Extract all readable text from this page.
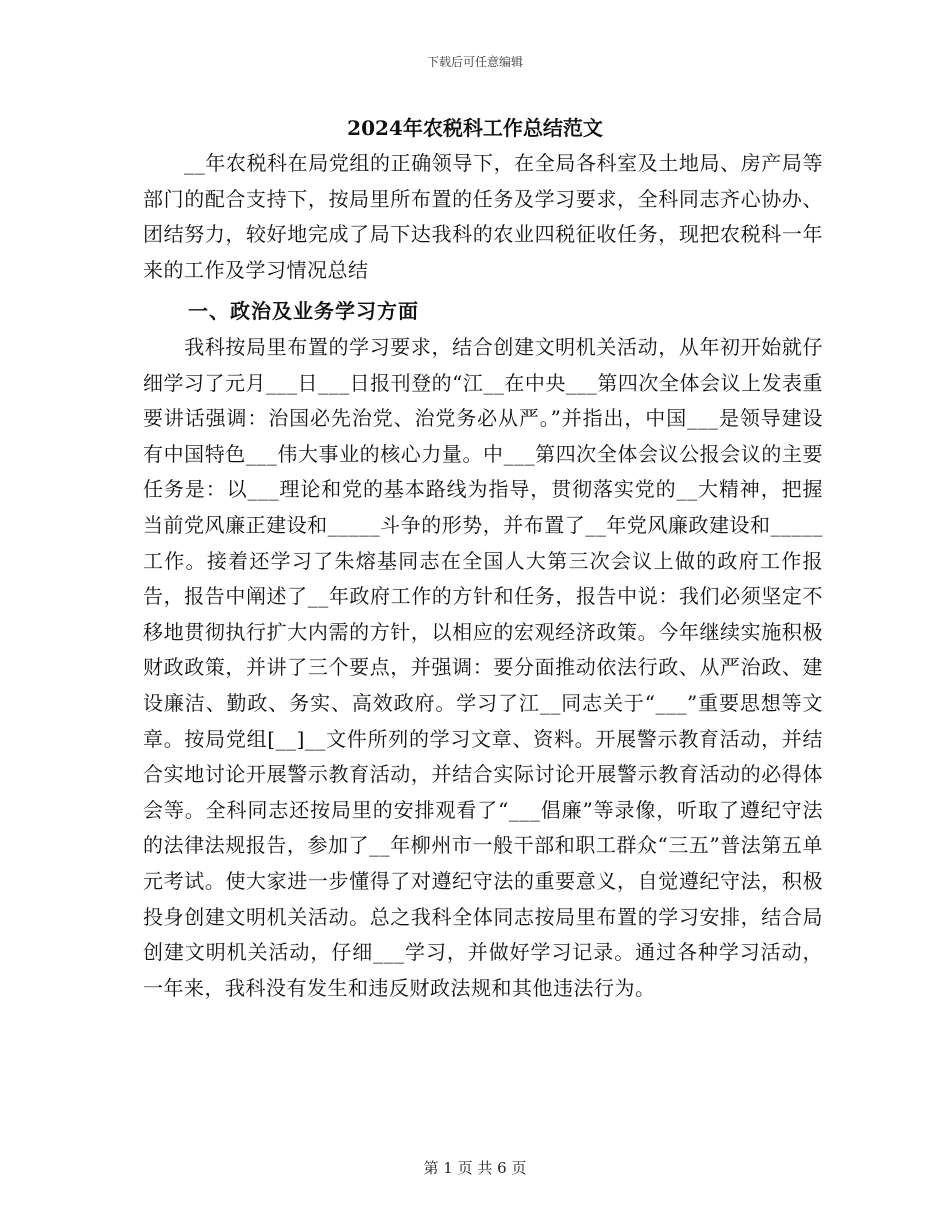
下载后可任意编辑
2024年农税科工作总结范文
　　__年农税科在局党组的正确领导下，在全局各科室及土地局、房产局等部门的配合支持下，按局里所布置的任务及学习要求，全科同志齐心协办、团结努力，较好地完成了局下达我科的农业四税征收任务，现把农税科一年来的工作及学习情况总结
一、政治及业务学习方面
　　我科按局里布置的学习要求，结合创建文明机关活动，从年初开始就仔细学习了元月___日___日报刊登的“江__在中央___第四次全体会议上发表重要讲话强调：治国必先治党、治党务必从严。”并指出，中国___是领导建设有中国特色___伟大事业的核心力量。中___第四次全体会议公报会议的主要任务是：以___理论和党的基本路线为指导，贯彻落实党的__大精神，把握当前党风廉正建设和_____斗争的形势，并布置了__年党风廉政建设和_____工作。接着还学习了朱熔基同志在全国人大第三次会议上做的政府工作报告，报告中阐述了__年政府工作的方针和任务，报告中说：我们必须坚定不移地贯彻执行扩大内需的方针，以相应的宏观经济政策。今年继续实施积极财政政策，并讲了三个要点，并强调：要分面推动依法行政、从严治政、建设廉洁、勤政、务实、高效政府。学习了江__同志关于“___”重要思想等文章。按局党组[__]__文件所列的学习文章、资料。开展警示教育活动，并结合实地讨论开展警示教育活动，并结合实际讨论开展警示教育活动的必得体会等。全科同志还按局里的安排观看了“___倡廉”等录像，听取了遵纪守法的法律法规报告，参加了__年柳州市一般干部和职工群众“三五”普法第五单元考试。使大家进一步懂得了对遵纪守法的重要意义，自觉遵纪守法，积极投身创建文明机关活动。总之我科全体同志按局里布置的学习安排，结合局创建文明机关活动，仔细___学习，并做好学习记录。通过各种学习活动，一年来，我科没有发生和违反财政法规和其他违法行为。
第 1 页 共 6 页
